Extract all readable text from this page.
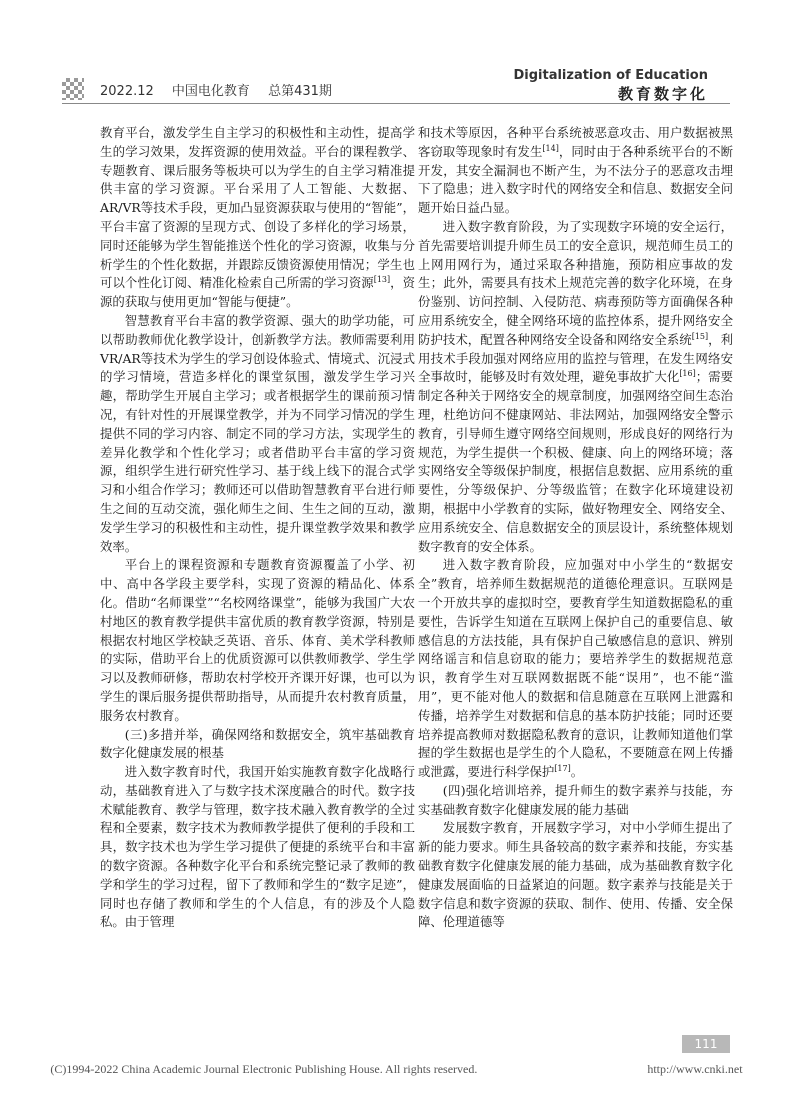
2022.12 中国电化教育 总第431期
Digitalization of Education
教育数字化

教育平台，激发学生自主学习的积极性和主动性，提高学生的学习效果，发挥资源的使用效益。平台的课程教学、专题教育、课后服务等板块可以为学生的自主学习精准提供丰富的学习资源。平台采用了人工智能、大数据、AR/VR等技术手段，更加凸显资源获取与使用的“智能”，平台丰富了资源的呈现方式、创设了多样化的学习场景，同时还能够为学生智能推送个性化的学习资源，收集与分析学生的个性化数据，并跟踪反馈资源使用情况；学生也可以个性化订阅、精准化检索自己所需的学习资源[13]，资源的获取与使用更加“智能与便捷”。

智慧教育平台丰富的教学资源、强大的助学功能，可以帮助教师优化教学设计，创新教学方法。教师需要利用VR/AR等技术为学生的学习创设体验式、情境式、沉浸式的学习情境，营造多样化的课堂氛围，激发学生学习兴趣，帮助学生开展自主学习；或者根据学生的课前预习情况，有针对性的开展课堂教学，并为不同学习情况的学生提供不同的学习内容、制定不同的学习方法，实现学生的差异化教学和个性化学习；或者借助平台丰富的学习资源，组织学生进行研究性学习、基于线上线下的混合式学习和小组合作学习；教师还可以借助智慧教育平台进行师生之间的互动交流，强化师生之间、生生之间的互动，激发学生学习的积极性和主动性，提升课堂教学效果和教学效率。

平台上的课程资源和专题教育资源覆盖了小学、初中、高中各学段主要学科，实现了资源的精品化、体系化。借助“名师课堂”“名校网络课堂”，能够为我国广大农村地区的教育教学提供丰富优质的教育教学资源，特别是根据农村地区学校缺乏英语、音乐、体育、美术学科教师的实际，借助平台上的优质资源可以供教师教学、学生学习以及教师研修，帮助农村学校开齐课开好课，也可以为学生的课后服务提供帮助指导，从而提升农村教育质量，服务农村教育。

(三)多措并举，确保网络和数据安全，筑牢基础教育数字化健康发展的根基

进入数字教育时代，我国开始实施教育数字化战略行动，基础教育进入了与数字技术深度融合的时代。数字技术赋能教育、教学与管理，数字技术融入教育教学的全过程和全要素，数字技术为教师教学提供了便利的手段和工具，数字技术也为学生学习提供了便捷的系统平台和丰富的数字资源。各种数字化平台和系统完整记录了教师的教学和学生的学习过程，留下了教师和学生的“数字足迹”，同时也存储了教师和学生的个人信息，有的涉及个人隐私。由于管理

和技术等原因，各种平台系统被恶意攻击、用户数据被黑客窃取等现象时有发生[14]，同时由于各种系统平台的不断开发，其安全漏洞也不断产生，为不法分子的恶意攻击埋下了隐患；进入数字时代的网络安全和信息、数据安全问题开始日益凸显。

进入数字教育阶段，为了实现数字环境的安全运行，首先需要培训提升师生员工的安全意识，规范师生员工的上网用网行为，通过采取各种措施，预防相应事故的发生；此外，需要具有技术上规范完善的数字化环境，在身份鉴别、访问控制、入侵防范、病毒预防等方面确保各种应用系统安全，健全网络环境的监控体系，提升网络安全防护技术，配置各种网络安全设备和网络安全系统[15]，利用技术手段加强对网络应用的监控与管理，在发生网络安全事故时，能够及时有效处理，避免事故扩大化[16]；需要制定各种关于网络安全的规章制度，加强网络空间生态治理，杜绝访问不健康网站、非法网站，加强网络安全警示教育，引导师生遵守网络空间规则，形成良好的网络行为规范，为学生提供一个积极、健康、向上的网络环境；落实网络安全等级保护制度，根据信息数据、应用系统的重要性，分等级保护、分等级监管；在数字化环境建设初期，根据中小学教育的实际，做好物理安全、网络安全、应用系统安全、信息数据安全的顶层设计，系统整体规划数字教育的安全体系。

进入数字教育阶段，应加强对中小学生的“数据安全”教育，培养师生数据规范的道德伦理意识。互联网是一个开放共享的虚拟时空，要教育学生知道数据隐私的重要性，告诉学生知道在互联网上保护自己的重要信息、敏感信息的方法技能，具有保护自己敏感信息的意识、辨别网络谣言和信息窃取的能力；要培养学生的数据规范意识，教育学生对互联网数据既不能“误用”，也不能“滥用”，更不能对他人的数据和信息随意在互联网上泄露和传播，培养学生对数据和信息的基本防护技能；同时还要培养提高教师对数据隐私教育的意识，让教师知道他们掌握的学生数据也是学生的个人隐私，不要随意在网上传播或泄露，要进行科学保护[17]。

(四)强化培训培养，提升师生的数字素养与技能，夯实基础教育数字化健康发展的能力基础

发展数字教育，开展数字学习，对中小学师生提出了新的能力要求。师生具备较高的数字素养和技能，夯实基础教育数字化健康发展的能力基础，成为基础教育数字化健康发展面临的日益紧迫的问题。数字素养与技能是关于数字信息和数字资源的获取、制作、使用、传播、安全保障、伦理道德等

111
(C)1994-2022 China Academic Journal Electronic Publishing House. All rights reserved.	http://www.cnki.net
